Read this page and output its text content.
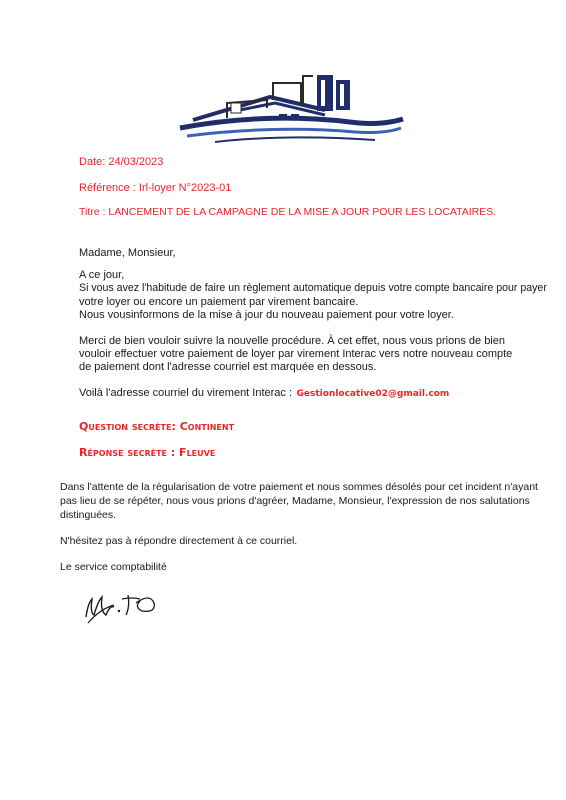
Date: 24/03/2023
Référence : Irl-loyer N°2023-01
Titre : LANCEMENT DE LA CAMPAGNE DE LA MISE A JOUR POUR LES LOCATAIRES.
Madame, Monsieur,
A ce jour,
Si vous avez l'habitude de faire un règlement automatique depuis votre compte bancaire pour payer
votre loyer ou encore un paiement par virement bancaire.
Nous vousinformons de la mise à jour du nouveau paiement pour votre loyer.
Merci de bien vouloir suivre la nouvelle procédure. À cet effet, nous vous prions de bien
vouloir effectuer votre paiement de loyer par virement Interac vers notre nouveau compte
de paiement dont l'adresse courriel est marquée en dessous.
Voilà l'adresse courriel du virement Interac : Gestionlocative02@gmail.com
Question secrète: Continent
Réponse secrète : Fleuve
Dans l'attente de la régularisation de votre paiement et nous sommes désolés pour cet incident n'ayant
pas lieu de se répéter, nous vous prions d'agréer, Madame, Monsieur, l'expression de nos salutations
distinguées.
N'hésitez pas à répondre directement à ce courriel.
Le service comptabilité
